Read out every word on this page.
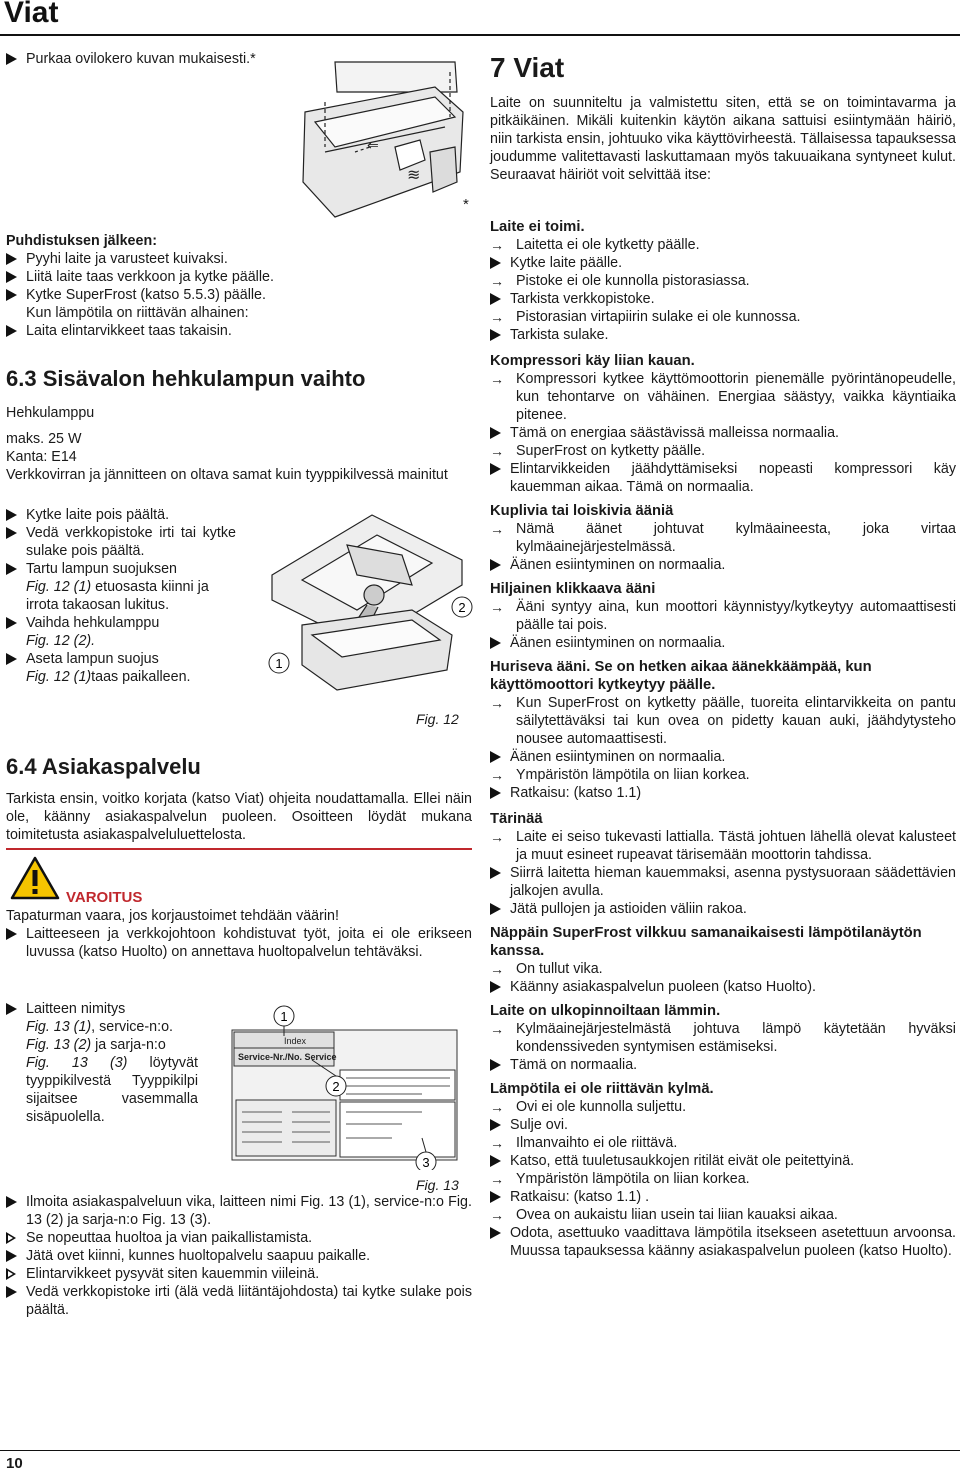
Viat
Purkaa ovilokero kuvan mukaisesti.*
≋
⇐
*
Puhdistuksen jälkeen:
Pyyhi laite ja varusteet kuivaksi.
Liitä laite taas verkkoon ja kytke päälle.
Kytke SuperFrost (katso 5.5.3) päälle.
Kun lämpötila on riittävän alhainen:
Laita elintarvikkeet taas takaisin.
6.3 Sisävalon hehkulampun vaihto
Hehkulamppu
maks. 25 W
Kanta: E14
Verkkovirran ja jännitteen on oltava samat kuin tyyppikilvessä mainitut
Kytke laite pois päältä.
Vedä verkkopistoke irti tai kytke sulake pois päältä.
Tartu lampun suojuksen
Fig. 12 (1) etuosasta kiinni ja irrota takaosan lukitus.
Vaihda hehkulamppu
Fig. 12 (2).
Aseta lampun suojus
Fig. 12 (1)taas paikalleen.
2
1
Fig. 12
6.4 Asiakaspalvelu
Tarkista ensin, voitko korjata (katso Viat) ohjeita noudattamalla. Ellei näin ole, käänny asiakaspalvelun puoleen. Osoitteen löydät mukana toimitetusta asiakaspalveluluettelosta.
VAROITUS
Tapaturman vaara, jos korjaustoimet tehdään väärin!
Laitteeseen ja verkkojohtoon kohdistuvat työt, joita ei ole erikseen luvussa (katso Huolto) on annettava huoltopalvelun tehtäväksi.
Laitteen nimitys
Fig. 13 (1), service-n:o.
Fig. 13 (2) ja sarja-n:o
Fig. 13 (3) löytyvät tyyppikilvestä Tyyppikilpi sijaitsee vasemmalla sisäpuolella.
Index
Service-Nr./No. Service
1
2
3
Fig. 13
Ilmoita asiakaspalveluun vika, laitteen nimi Fig. 13 (1), service-n:o Fig. 13 (2) ja sarja-n:o Fig. 13 (3).
Se nopeuttaa huoltoa ja vian paikallistamista.
Jätä ovet kiinni, kunnes huoltopalvelu saapuu paikalle.
Elintarvikkeet pysyvät siten kauemmin viileinä.
Vedä verkkopistoke irti (älä vedä liitäntäjohdosta) tai kytke sulake pois päältä.
7 Viat
Laite on suunniteltu ja valmistettu siten, että se on toimintavarma ja pitkäikäinen. Mikäli kuitenkin käytön aikana sattuisi esiintymään häiriö, niin tarkista ensin, johtuuko vika käyttövirheestä. Tällaisessa tapauksessa joudumme valitettavasti laskuttamaan myös takuuaikana syntyneet kulut. Seuraavat häiriöt voit selvittää itse:
Laite ei toimi.
→ Laitetta ei ole kytketty päälle.
Kytke laite päälle.
→ Pistoke ei ole kunnolla pistorasiassa.
Tarkista verkkopistoke.
→ Pistorasian virtapiirin sulake ei ole kunnossa.
Tarkista sulake.
Kompressori käy liian kauan.
→ Kompressori kytkee käyttömoottorin pienemälle pyörintänopeudelle, kun tehontarve on vähäinen. Energiaa säästyy, vaikka käyntiaika pitenee.
Tämä on energiaa säästävissä malleissa normaalia.
→ SuperFrost on kytketty päälle.
Elintarvikkeiden jäähdyttämiseksi nopeasti kompressori käy kauemman aikaa. Tämä on normaalia.
Kuplivia tai loiskivia ääniä
→ Nämä äänet johtuvat kylmäaineesta, joka virtaa kylmäainejärjestelmässä.
Äänen esiintyminen on normaalia.
Hiljainen klikkaava ääni
→ Ääni syntyy aina, kun moottori käynnistyy/kytkeytyy automaattisesti päälle tai pois.
Äänen esiintyminen on normaalia.
Huriseva ääni. Se on hetken aikaa äänekkäämpää, kun käyttömoottori kytkeytyy päälle.
→ Kun SuperFrost on kytketty päälle, tuoreita elintarvikkeita on pantu säilytettäväksi tai kun ovea on pidetty kauan auki, jäähdytysteho nousee automaattisesti.
Äänen esiintyminen on normaalia.
→ Ympäristön lämpötila on liian korkea.
Ratkaisu: (katso 1.1)
Tärinää
→ Laite ei seiso tukevasti lattialla. Tästä johtuen lähellä olevat kalusteet ja muut esineet rupeavat tärisemään moottorin tahdissa.
Siirrä laitetta hieman kauemmaksi, asenna pystysuoraan säädettävien jalkojen avulla.
Jätä pullojen ja astioiden väliin rakoa.
Näppäin SuperFrost vilkkuu samanaikaisesti lämpötilanäytön kanssa.
→ On tullut vika.
Käänny asiakaspalvelun puoleen (katso Huolto).
Laite on ulkopinnoiltaan lämmin.
→ Kylmäainejärjestelmästä johtuva lämpö käytetään hyväksi kondenssiveden syntymisen estämiseksi.
Tämä on normaalia.
Lämpötila ei ole riittävän kylmä.
→ Ovi ei ole kunnolla suljettu.
Sulje ovi.
→ Ilmanvaihto ei ole riittävä.
Katso, että tuuletusaukkojen ritilät eivät ole peitettyinä.
→ Ympäristön lämpötila on liian korkea.
Ratkaisu: (katso 1.1) .
→ Ovea on aukaistu liian usein tai liian kauaksi aikaa.
Odota, asettuuko vaadittava lämpötila itsekseen asetettuun arvoonsa. Muussa tapauksessa käänny asiakaspalvelun puoleen (katso Huolto).
10
